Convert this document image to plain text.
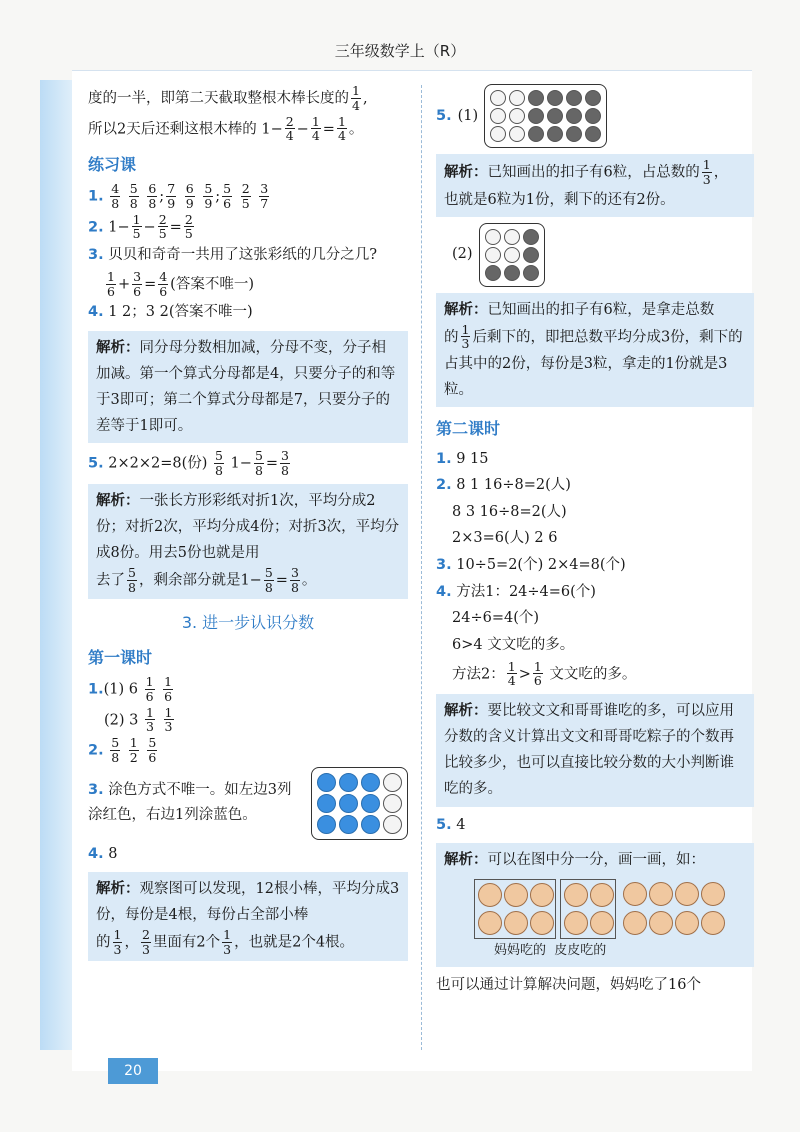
三年级数学上（R）
度的一半，即第二天截取整根木棒长度的 $\frac{1}{4}$ ,
所以2天后还剩这根木棒的 $1- \frac{2}{4} - \frac{1}{4} = \frac{1}{4}$ 。
练习课
1. $\frac{4}{8}$
$\frac{5}{8}$
$\frac{6}{8}$ ; $\frac{7}{9}$
$\frac{6}{9}$
$\frac{5}{9}$ ; $\frac{5}{6}$
$\frac{2}{5}$
$\frac{3}{7}$
2. $1- \frac{1}{5} - \frac{2}{5} = \frac{2}{5}$
3. 贝贝和奇奇一共用了这张彩纸的几分之几?
$\frac{1}{6} + \frac{3}{6} = \frac{4}{6}$ (答案不唯一)
4. 1 2；3 2(答案不唯一)
解析：同分母分数相加减，分母不变，分子相加减。第一个算式分母都是4，只要分子的和等于3即可；第二个算式分母都是7，只要分子的差等于1即可。
5. 2×2×2=8(份) $\frac{5}{8} 1- \frac{5}{8} = \frac{3}{8}$
解析：一张长方形彩纸对折1次，平均分成2份；对折2次，平均分成4份；对折3次，平均分成8份。用去5份也就是用
去了 $\frac{5}{8}$ ，剩余部分就是$1- \frac{5}{8} = \frac{3}{8}$ 。
3. 进一步认识分数
第一课时
1.(1) $6 \frac{1}{6}$
$\frac{1}{6}$
(2) $3 \frac{1}{3}$
$\frac{1}{3}$
2. $\frac{5}{8}$
$\frac{1}{2}$
$\frac{5}{6}$
3. 涂色方式不唯一。如左边3列涂红色，右边1列涂蓝色。
4. 8
解析：观察图可以发现，12根小棒，平均分成3份，每份是4根，每份占全部小棒
的 $\frac{1}{3}$ ， $\frac{2}{3}$ 里面有2个 $\frac{1}{3}$ ，也就是2个4根。
5. (1)
解析：已知画出的扣子有6粒，占总数的 $\frac{1}{3}$ ，
也就是6粒为1份，剩下的还有2份。
(2)
解析：已知画出的扣子有6粒，是拿走总数
的 $\frac{1}{3}$ 后剩下的，即把总数平均分成3份，剩下的占其中的2份，每份是3粒，拿走的1份就是3粒。
第二课时
1. 9 15
2. 8 1 16÷8=2(人)
8 3 16÷8=2(人)
2×3=6(人) 2 6
3. 10÷5=2(个) 2×4=8(个)
4. 方法1：24÷4=6(个)
24÷6=4(个)
6>4 文文吃的多。
方法2： $\frac{1}{4} > \frac{1}{6}$ 文文吃的多。
解析：要比较文文和哥哥谁吃的多，可以应用分数的含义计算出文文和哥哥吃粽子的个数再比较多少，也可以直接比较分数的大小判断谁吃的多。
5. 4
解析：可以在图中分一分，画一画，如：
妈妈吃的 皮皮吃的
也可以通过计算解决问题，妈妈吃了16个
20
